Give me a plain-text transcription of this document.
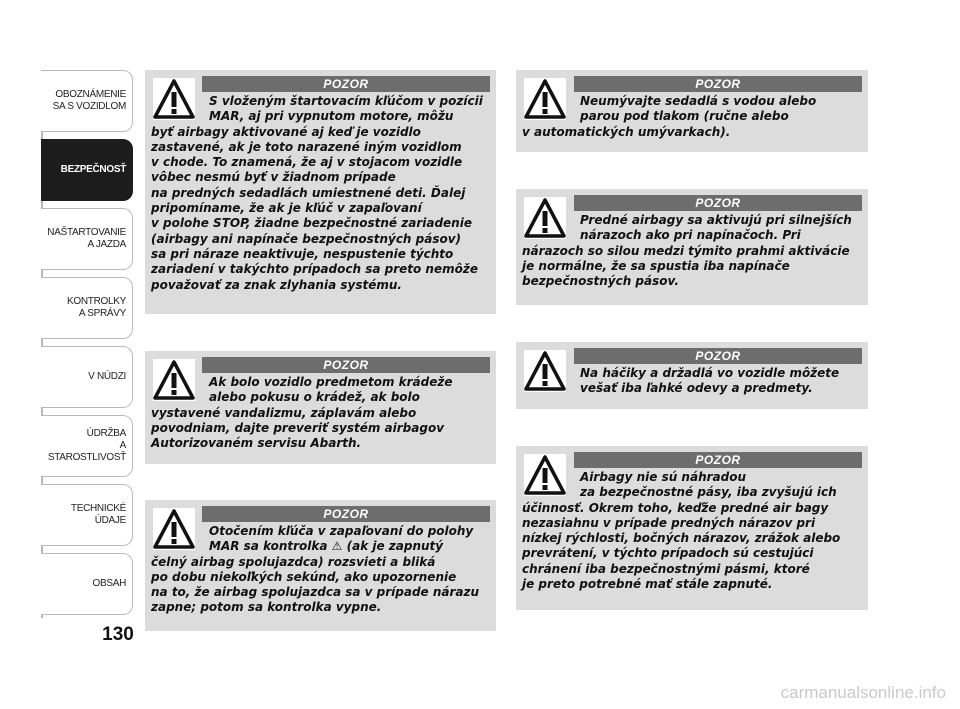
OBOZNÁMENIE
SA S VOZIDLOM
BEZPEČNOSŤ
NAŠTARTOVANIE
A JAZDA
KONTROLKY
A SPRÁVY
V NÚDZI
ÚDRŽBA
A STAROSTLIVOSŤ
TECHNICKÉ
ÚDAJE
OBSAH
130
POZOR
S vloženým štartovacím kľúčom v pozícii
MAR, aj pri vypnutom motore, môžu
byť airbagy aktivované aj keď je vozidlo
zastavené, ak je toto narazené iným vozidlom
v chode. To znamená, že aj v stojacom vozidle
vôbec nesmú byť v žiadnom prípade
na predných sedadlách umiestnené deti. Ďalej
pripomíname, že ak je kľúč v zapaľovaní
v polohe STOP, žiadne bezpečnostné zariadenie
(airbagy ani napínače bezpečnostných pásov)
sa pri náraze neaktivuje, nespustenie týchto
zariadení v takýchto prípadoch sa preto nemôže
považovať za znak zlyhania systému.
POZOR
Ak bolo vozidlo predmetom krádeže
alebo pokusu o krádež, ak bolo
vystavené vandalizmu, záplavám alebo
povodniam, dajte preveriť systém airbagov
Autorizovaném servisu Abarth.
POZOR
Otočením kľúča v zapaľovaní do polohy
MAR sa kontrolka ⚠ (ak je zapnutý
čelný airbag spolujazdca) rozsvieti a bliká
po dobu niekoľkých sekúnd, ako upozornenie
na to, že airbag spolujazdca sa v prípade nárazu
zapne; potom sa kontrolka vypne.
POZOR
Neumývajte sedadlá s vodou alebo
parou pod tlakom (ručne alebo
v automatických umývarkach).
POZOR
Predné airbagy sa aktivujú pri silnejších
nárazoch ako pri napínačoch. Pri
nárazoch so silou medzi týmito prahmi aktivácie
je normálne, že sa spustia iba napínače
bezpečnostných pásov.
POZOR
Na háčiky a držadlá vo vozidle môžete
vešať iba ľahké odevy a predmety.
POZOR
Airbagy nie sú náhradou
za bezpečnostné pásy, iba zvyšujú ich
účinnosť. Okrem toho, keďže predné air bagy
nezasiahnu v prípade predných nárazov pri
nízkej rýchlosti, bočných nárazov, zrážok alebo
prevrátení, v týchto prípadoch sú cestujúci
chránení iba bezpečnostnými pásmi, ktoré
je preto potrebné mať stále zapnuté.
carmanualsonline.info
